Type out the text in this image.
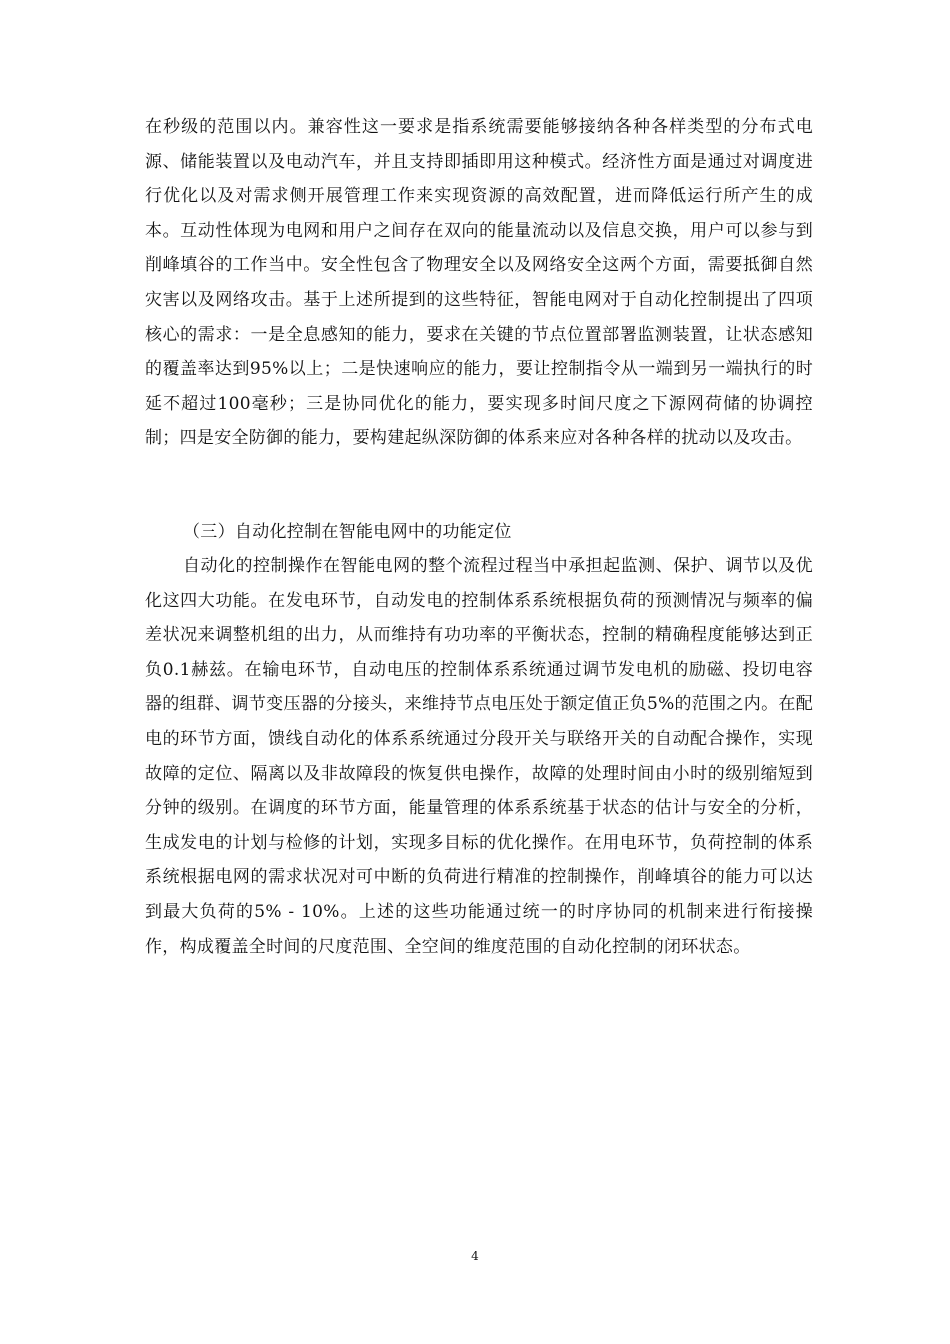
在秒级的范围以内。兼容性这一要求是指系统需要能够接纳各种各样类型的分布式电源、储能装置以及电动汽车，并且支持即插即用这种模式。经济性方面是通过对调度进行优化以及对需求侧开展管理工作来实现资源的高效配置，进而降低运行所产生的成本。互动性体现为电网和用户之间存在双向的能量流动以及信息交换，用户可以参与到削峰填谷的工作当中。安全性包含了物理安全以及网络安全这两个方面，需要抵御自然灾害以及网络攻击。基于上述所提到的这些特征，智能电网对于自动化控制提出了四项核心的需求：一是全息感知的能力，要求在关键的节点位置部署监测装置，让状态感知的覆盖率达到95%以上；二是快速响应的能力，要让控制指令从一端到另一端执行的时延不超过100毫秒；三是协同优化的能力，要实现多时间尺度之下源网荷储的协调控制；四是安全防御的能力，要构建起纵深防御的体系来应对各种各样的扰动以及攻击。

（三）自动化控制在智能电网中的功能定位

自动化的控制操作在智能电网的整个流程过程当中承担起监测、保护、调节以及优化这四大功能。在发电环节，自动发电的控制体系系统根据负荷的预测情况与频率的偏差状况来调整机组的出力，从而维持有功功率的平衡状态，控制的精确程度能够达到正负0.1赫兹。在输电环节，自动电压的控制体系系统通过调节发电机的励磁、投切电容器的组群、调节变压器的分接头，来维持节点电压处于额定值正负5%的范围之内。在配电的环节方面，馈线自动化的体系系统通过分段开关与联络开关的自动配合操作，实现故障的定位、隔离以及非故障段的恢复供电操作，故障的处理时间由小时的级别缩短到分钟的级别。在调度的环节方面，能量管理的体系系统基于状态的估计与安全的分析，生成发电的计划与检修的计划，实现多目标的优化操作。在用电环节，负荷控制的体系系统根据电网的需求状况对可中断的负荷进行精准的控制操作，削峰填谷的能力可以达到最大负荷的5% - 10%。上述的这些功能通过统一的时序协同的机制来进行衔接操作，构成覆盖全时间的尺度范围、全空间的维度范围的自动化控制的闭环状态。

4
